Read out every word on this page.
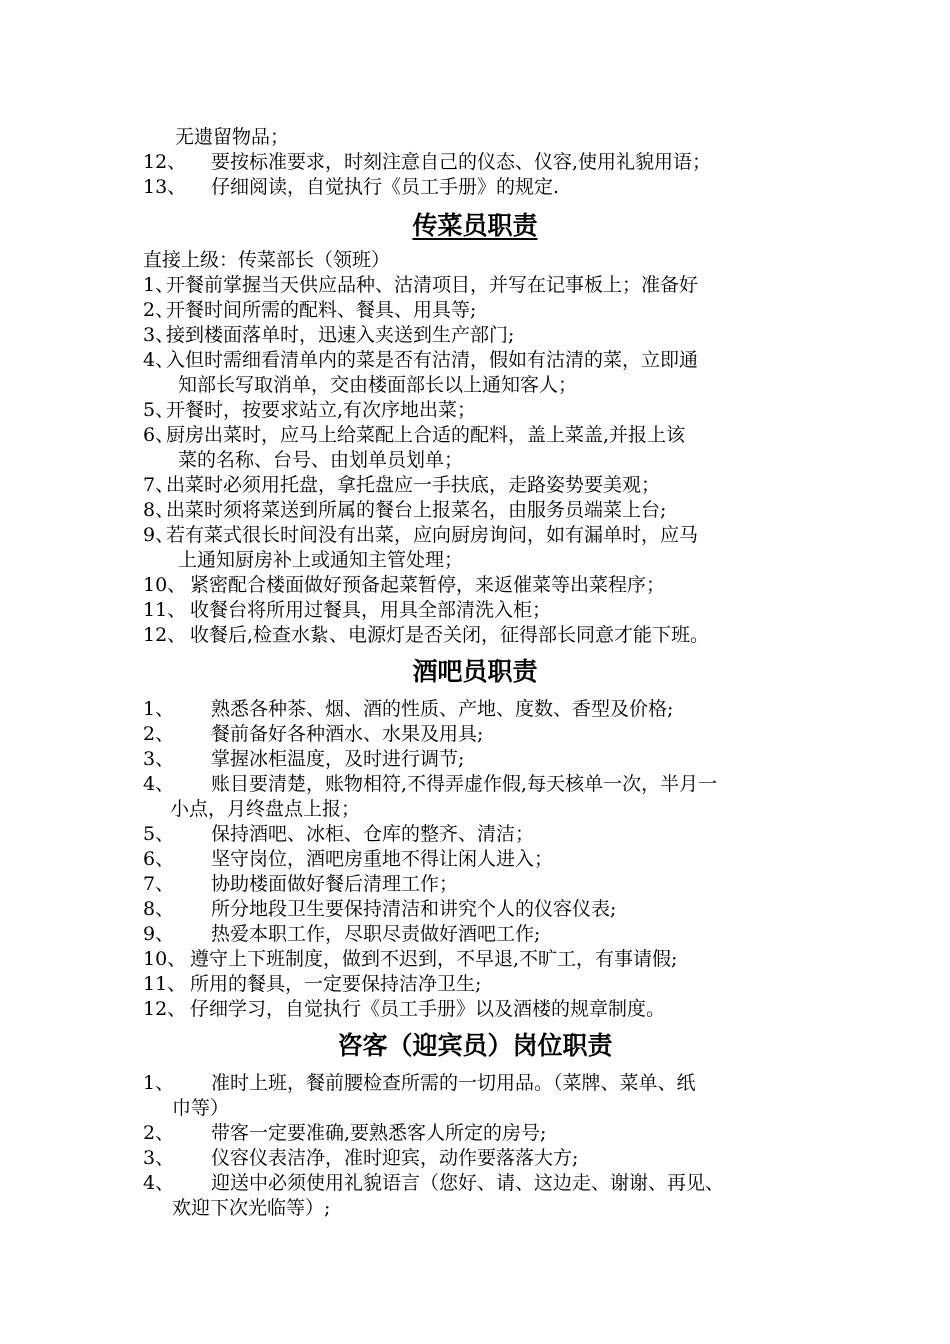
无遗留物品；
12、 要按标准要求，时刻注意自己的仪态、仪容,使用礼貌用语；
13、 仔细阅读，自觉执行《员工手册》的规定.
传菜员职责
直接上级：传菜部长（领班）
1、
开餐前掌握当天供应品种、沽清项目，并写在记事板上；准备好
2、
开餐时间所需的配料、餐具、用具等;
3、
接到楼面落单时，迅速入夹送到生产部门;
4、
入但时需细看清单内的菜是否有沽清，假如有沽清的菜，立即通
知部长写取消单，交由楼面部长以上通知客人；
5、
开餐时，按要求站立,有次序地出菜；
6、
厨房出菜时，应马上给菜配上合适的配料，盖上菜盖,并报上该
菜的名称、台号、由划单员划单；
7、
出菜时必须用托盘，拿托盘应一手扶底，走路姿势要美观；
8、
出菜时须将菜送到所属的餐台上报菜名，由服务员端菜上台;
9、
若有菜式很长时间没有出菜，应向厨房询问，如有漏单时，应马
上通知厨房补上或通知主管处理；
10、 紧密配合楼面做好预备起菜暂停，来返催菜等出菜程序；
11、 收餐台将所用过餐具，用具全部清洗入柜；
12、 收餐后,检查水紥、电源灯是否关闭，征得部长同意才能下班。
酒吧员职责
1、 熟悉各种茶、烟、酒的性质、产地、度数、香型及价格;
2、 餐前备好各种酒水、水果及用具;
3、 掌握冰柜温度，及时进行调节;
4、 账目要清楚，账物相符,不得弄虚作假,每天核单一次，半月一
小点，月终盘点上报；
5、 保持酒吧、冰柜、仓库的整齐、清洁；
6、 坚守岗位，酒吧房重地不得让闲人进入；
7、 协助楼面做好餐后清理工作；
8、 所分地段卫生要保持清洁和讲究个人的仪容仪表;
9、 热爱本职工作，尽职尽责做好酒吧工作;
10、 遵守上下班制度，做到不迟到，不早退,不旷工，有事请假;
11、 所用的餐具，一定要保持洁净卫生;
12、 仔细学习，自觉执行《员工手册》以及酒楼的规章制度。
咨客（迎宾员）岗位职责
1、 准时上班，餐前腰检查所需的一切用品。（菜牌、菜单、纸
巾等）
2、 带客一定要准确,要熟悉客人所定的房号;
3、 仪容仪表洁净，准时迎宾，动作要落落大方;
4、 迎送中必须使用礼貌语言（您好、请、这边走、谢谢、再见、
欢迎下次光临等）;
